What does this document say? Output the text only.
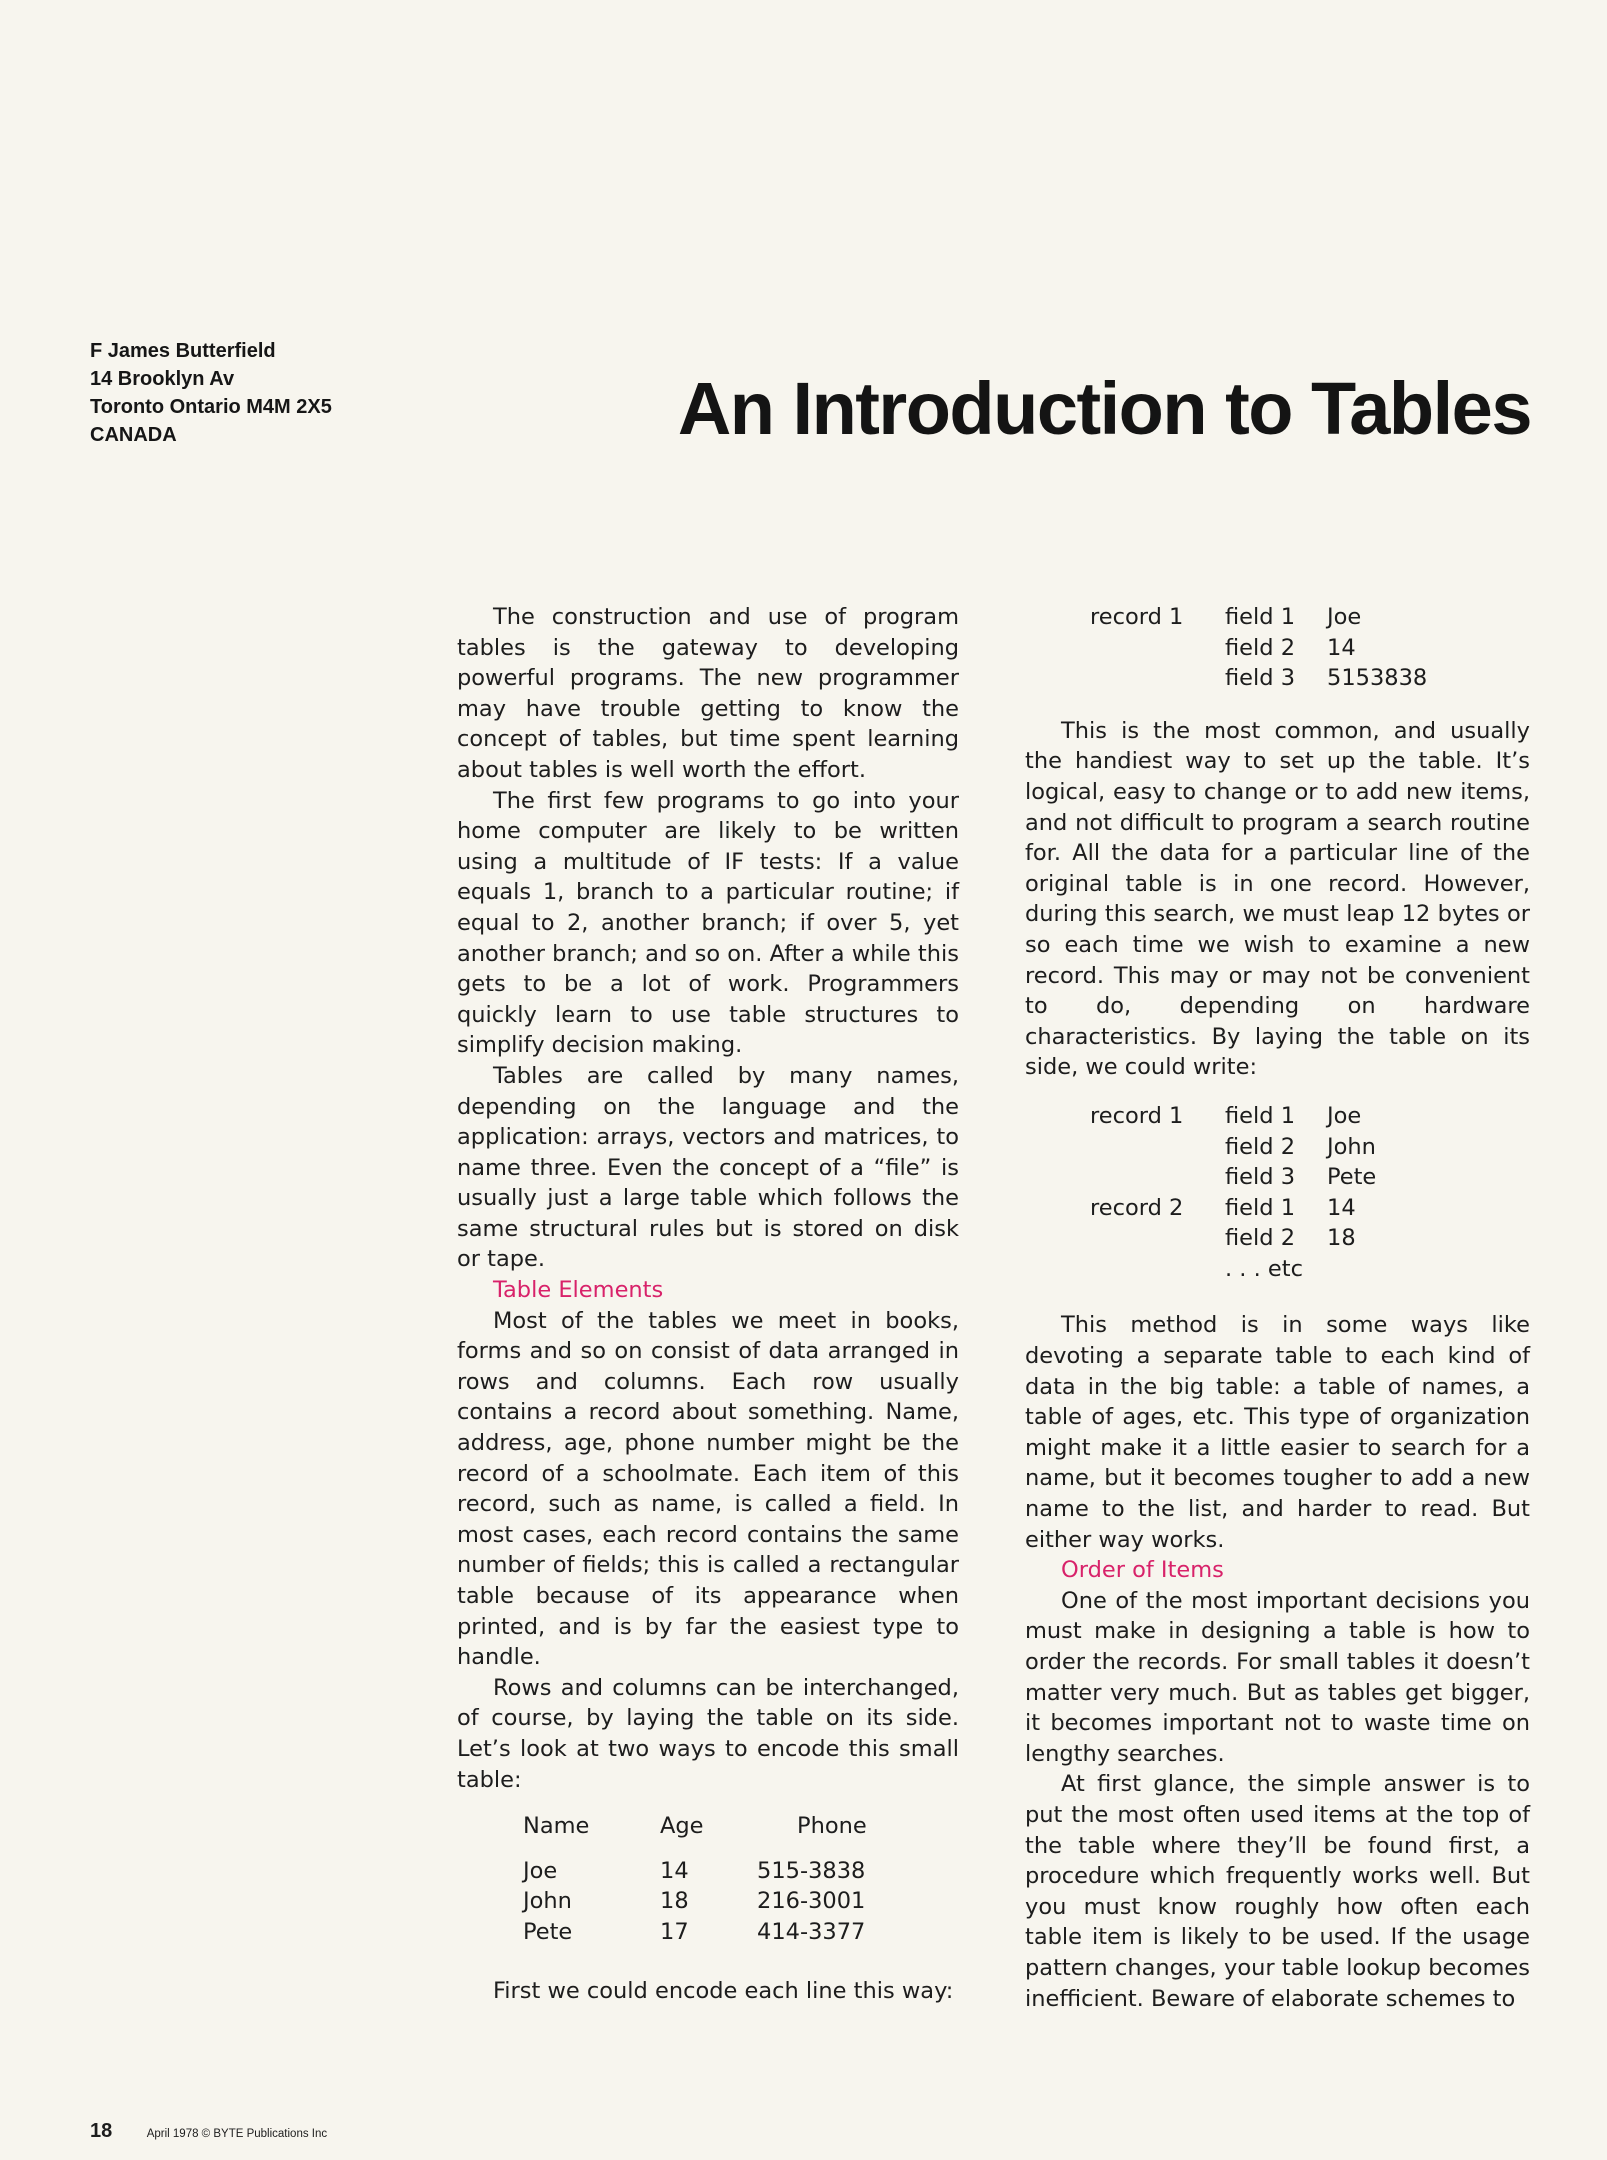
F James Butterfield
14 Brooklyn Av
Toronto Ontario M4M 2X5
CANADA	An Introduction to Tables

The construction and use of program tables is the gateway to developing powerful programs. The new programmer may have trouble getting to know the concept of tables, but time spent learning about tables is well worth the effort.

The first few programs to go into your home computer are likely to be written using a multitude of IF tests: If a value equals 1, branch to a particular routine; if equal to 2, another branch; if over 5, yet another branch; and so on. After a while this gets to be a lot of work. Programmers quickly learn to use table structures to simplify decision making.

Tables are called by many names, depending on the language and the application: arrays, vectors and matrices, to name three. Even the concept of a “file” is usually just a large table which follows the same structural rules but is stored on disk or tape.

Table Elements

Most of the tables we meet in books, forms and so on consist of data arranged in rows and columns. Each row usually contains a record about something. Name, address, age, phone number might be the record of a schoolmate. Each item of this record, such as name, is called a field. In most cases, each record contains the same number of fields; this is called a rectangular table because of its appearance when printed, and is by far the easiest type to handle.

Rows and columns can be interchanged, of course, by laying the table on its side. Let’s look at two ways to encode this small table:

Name	Age	Phone
Joe	14	515-3838
John	18	216-3001
Pete	17	414-3377

First we could encode each line this way:

record 1	field 1	Joe
field 2	14
field 3	5153838

This is the most common, and usually the handiest way to set up the table. It’s logical, easy to change or to add new items, and not difficult to program a search routine for. All the data for a particular line of the original table is in one record. However, during this search, we must leap 12 bytes or so each time we wish to examine a new record. This may or may not be convenient to do, depending on hardware characteristics. By laying the table on its side, we could write:

record 1	field 1	Joe
field 2	John
field 3	Pete
record 2	field 1	14
field 2	18
. . . etc

This method is in some ways like devoting a separate table to each kind of data in the big table: a table of names, a table of ages, etc. This type of organization might make it a little easier to search for a name, but it becomes tougher to add a new name to the list, and harder to read. But either way works.

Order of Items

One of the most important decisions you must make in designing a table is how to order the records. For small tables it doesn’t matter very much. But as tables get bigger, it becomes important not to waste time on lengthy searches.

At first glance, the simple answer is to put the most often used items at the top of the table where they’ll be found first, a procedure which frequently works well. But you must know roughly how often each table item is likely to be used. If the usage pattern changes, your table lookup becomes inefficient. Beware of elaborate schemes to

18	April 1978 © BYTE Publications Inc
